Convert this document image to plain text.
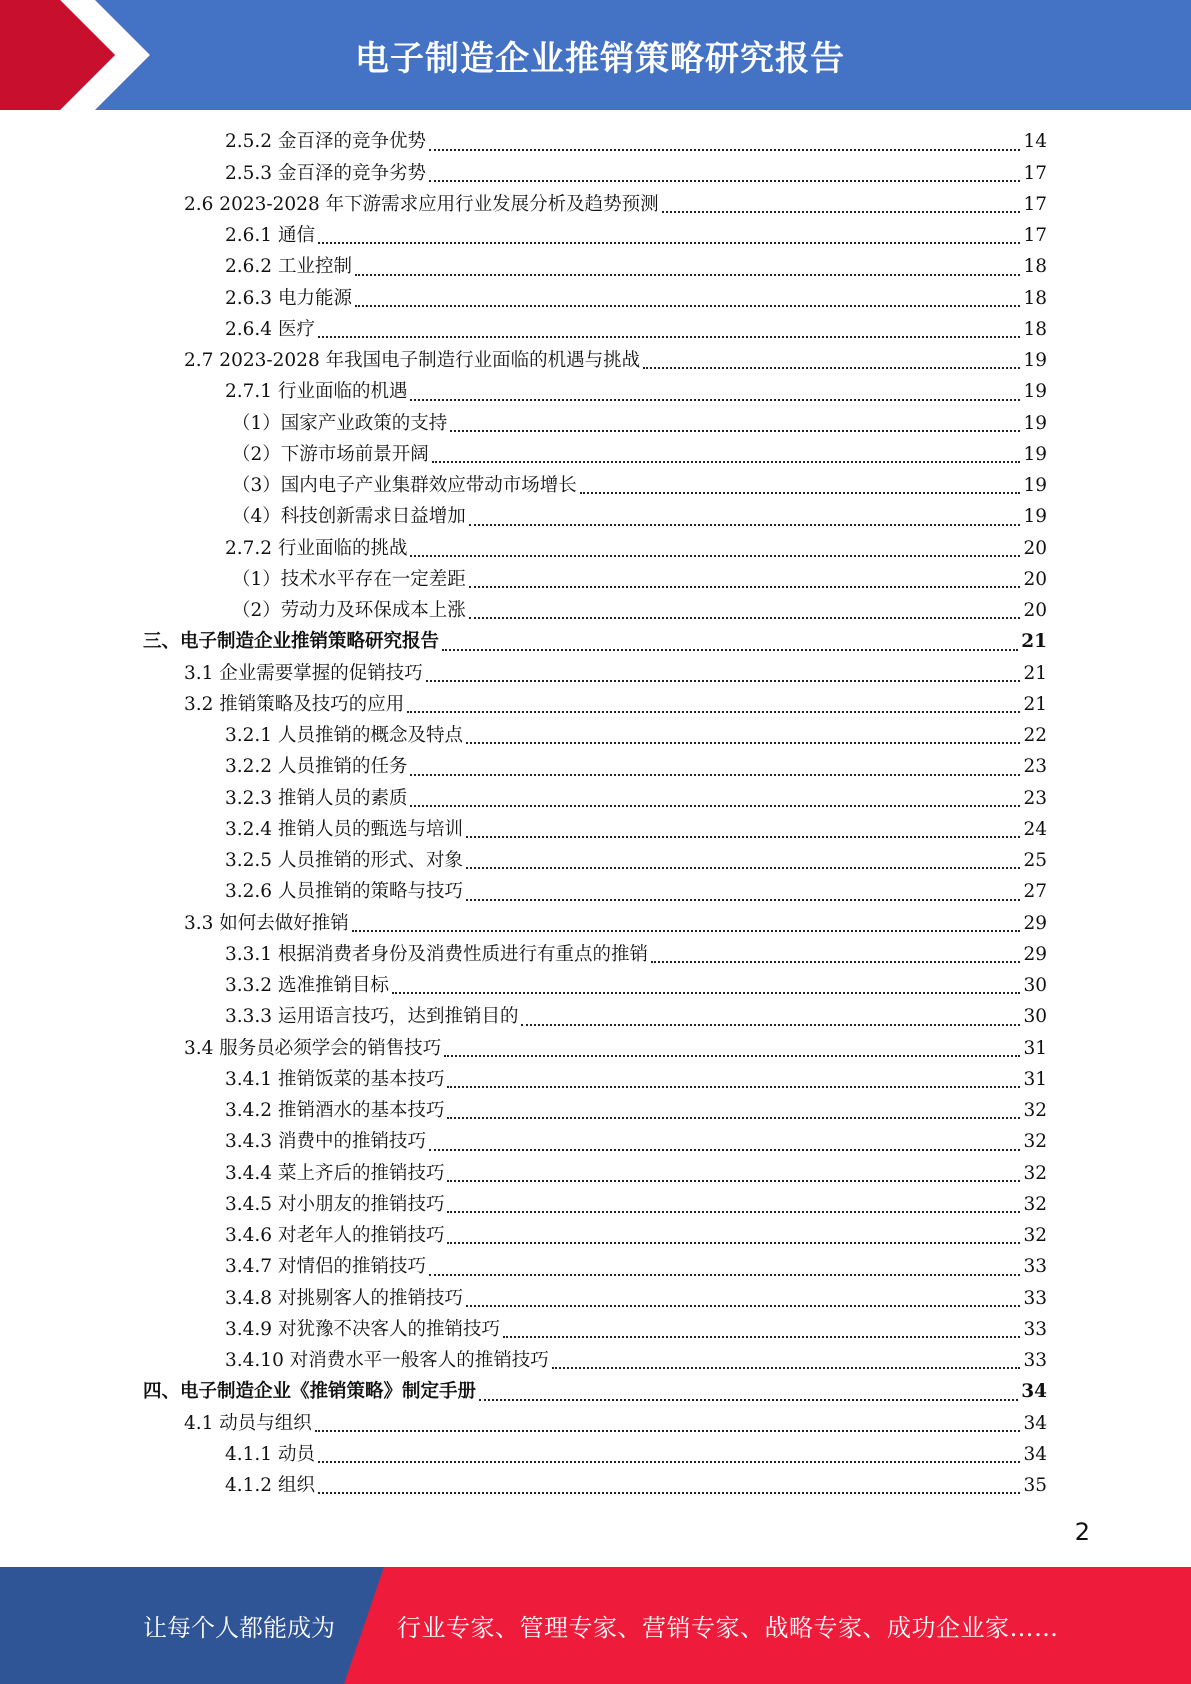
电子制造企业推销策略研究报告
2.5.2 金百泽的竞争优势	14
2.5.3 金百泽的竞争劣势	17
2.6 2023-2028 年下游需求应用行业发展分析及趋势预测	17
2.6.1 通信	17
2.6.2 工业控制	18
2.6.3 电力能源	18
2.6.4 医疗	18
2.7 2023-2028 年我国电子制造行业面临的机遇与挑战	19
2.7.1 行业面临的机遇	19
（1）国家产业政策的支持	19
（2）下游市场前景开阔	19
（3）国内电子产业集群效应带动市场增长	19
（4）科技创新需求日益增加	19
2.7.2 行业面临的挑战	20
（1）技术水平存在一定差距	20
（2）劳动力及环保成本上涨	20
三、电子制造企业推销策略研究报告	21
3.1 企业需要掌握的促销技巧	21
3.2 推销策略及技巧的应用	21
3.2.1 人员推销的概念及特点	22
3.2.2 人员推销的任务	23
3.2.3 推销人员的素质	23
3.2.4 推销人员的甄选与培训	24
3.2.5 人员推销的形式、对象	25
3.2.6 人员推销的策略与技巧	27
3.3 如何去做好推销	29
3.3.1 根据消费者身份及消费性质进行有重点的推销	29
3.3.2 选准推销目标	30
3.3.3 运用语言技巧，达到推销目的	30
3.4 服务员必须学会的销售技巧	31
3.4.1 推销饭菜的基本技巧	31
3.4.2 推销酒水的基本技巧	32
3.4.3 消费中的推销技巧	32
3.4.4 菜上齐后的推销技巧	32
3.4.5 对小朋友的推销技巧	32
3.4.6 对老年人的推销技巧	32
3.4.7 对情侣的推销技巧	33
3.4.8 对挑剔客人的推销技巧	33
3.4.9 对犹豫不决客人的推销技巧	33
3.4.10 对消费水平一般客人的推销技巧	33
四、电子制造企业《推销策略》制定手册	34
4.1 动员与组织	34
4.1.1 动员	34
4.1.2 组织	35
2
让每个人都能成为	行业专家、管理专家、营销专家、战略专家、成功企业家……
